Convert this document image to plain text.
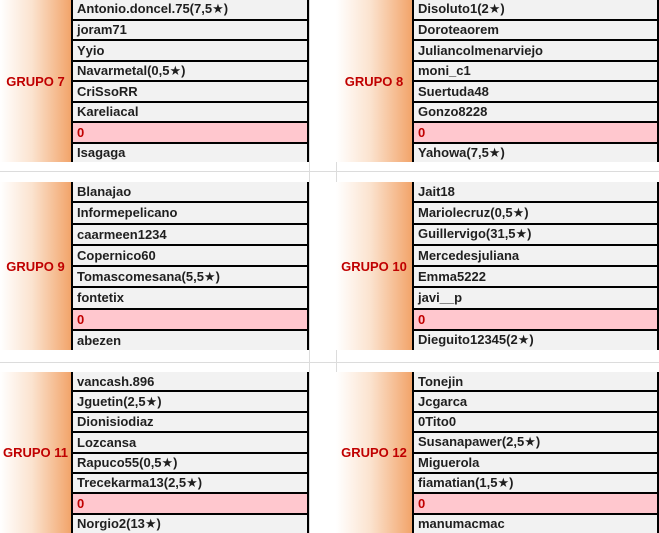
GRUPO 7
Antonio.doncel.75(7,5★)
joram71
Yyio
Navarmetal(0,5★)
CriSsoRR
Kareliacal
0
Isagaga
GRUPO 8
Disoluto1(2★)
Doroteaorem
Juliancolmenarviejo
moni_c1
Suertuda48
Gonzo8228
0
Yahowa(7,5★)
GRUPO 9
Blanajao
Informepelicano
caarmeen1234
Copernico60
Tomascomesana(5,5★)
fontetix
0
abezen
GRUPO 10
Jait18
Mariolecruz(0,5★)
Guillervigo(31,5★)
Mercedesjuliana
Emma5222
javi__p
0
Dieguito12345(2★)
GRUPO 11
vancash.896
Jguetin(2,5★)
Dionisiodiaz
Lozcansa
Rapuco55(0,5★)
Trecekarma13(2,5★)
0
Norgio2(13★)
GRUPO 12
Tonejin
Jcgarca
0Tito0
Susanapawer(2,5★)
Miguerola
fiamatian(1,5★)
0
manumacmac
